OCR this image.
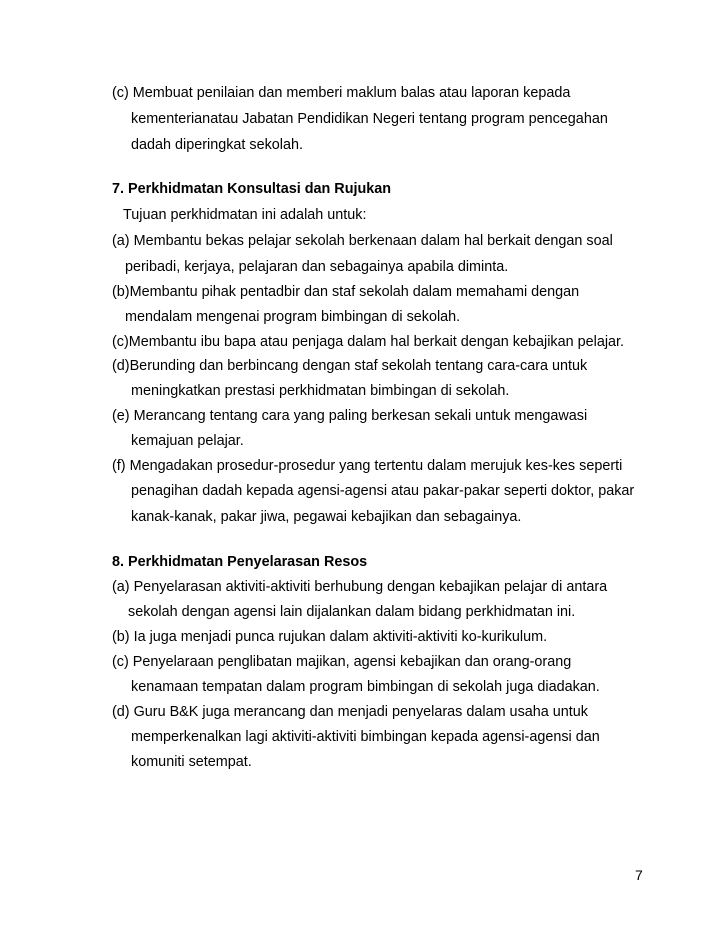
(c) Membuat penilaian dan memberi maklum balas atau laporan kepada
kementerianatau Jabatan Pendidikan Negeri tentang program pencegahan
dadah diperingkat sekolah.
7. Perkhidmatan Konsultasi dan Rujukan
Tujuan perkhidmatan ini adalah untuk:
(a) Membantu bekas pelajar sekolah berkenaan dalam hal berkait dengan soal
peribadi, kerjaya, pelajaran dan sebagainya apabila diminta.
(b)Membantu pihak pentadbir dan staf sekolah dalam memahami dengan
mendalam mengenai program bimbingan di sekolah.
(c)Membantu ibu bapa atau penjaga dalam hal berkait dengan kebajikan pelajar.
(d)Berunding dan berbincang dengan staf sekolah tentang cara-cara untuk
meningkatkan prestasi perkhidmatan bimbingan di sekolah.
(e) Merancang tentang cara yang paling berkesan sekali untuk mengawasi
kemajuan pelajar.
(f) Mengadakan prosedur-prosedur yang tertentu dalam merujuk kes-kes seperti
penagihan dadah kepada agensi-agensi atau pakar-pakar seperti doktor, pakar
kanak-kanak, pakar jiwa, pegawai kebajikan dan sebagainya.
8. Perkhidmatan Penyelarasan Resos
(a) Penyelarasan aktiviti-aktiviti berhubung dengan kebajikan pelajar di antara
sekolah dengan agensi lain dijalankan dalam bidang perkhidmatan ini.
(b) Ia juga menjadi punca rujukan dalam aktiviti-aktiviti ko-kurikulum.
(c) Penyelaraan penglibatan majikan, agensi kebajikan dan orang-orang
kenamaan tempatan dalam program bimbingan di sekolah juga diadakan.
(d) Guru B&K juga merancang dan menjadi penyelaras dalam usaha untuk
memperkenalkan lagi aktiviti-aktiviti bimbingan kepada agensi-agensi dan
komuniti setempat.
7
